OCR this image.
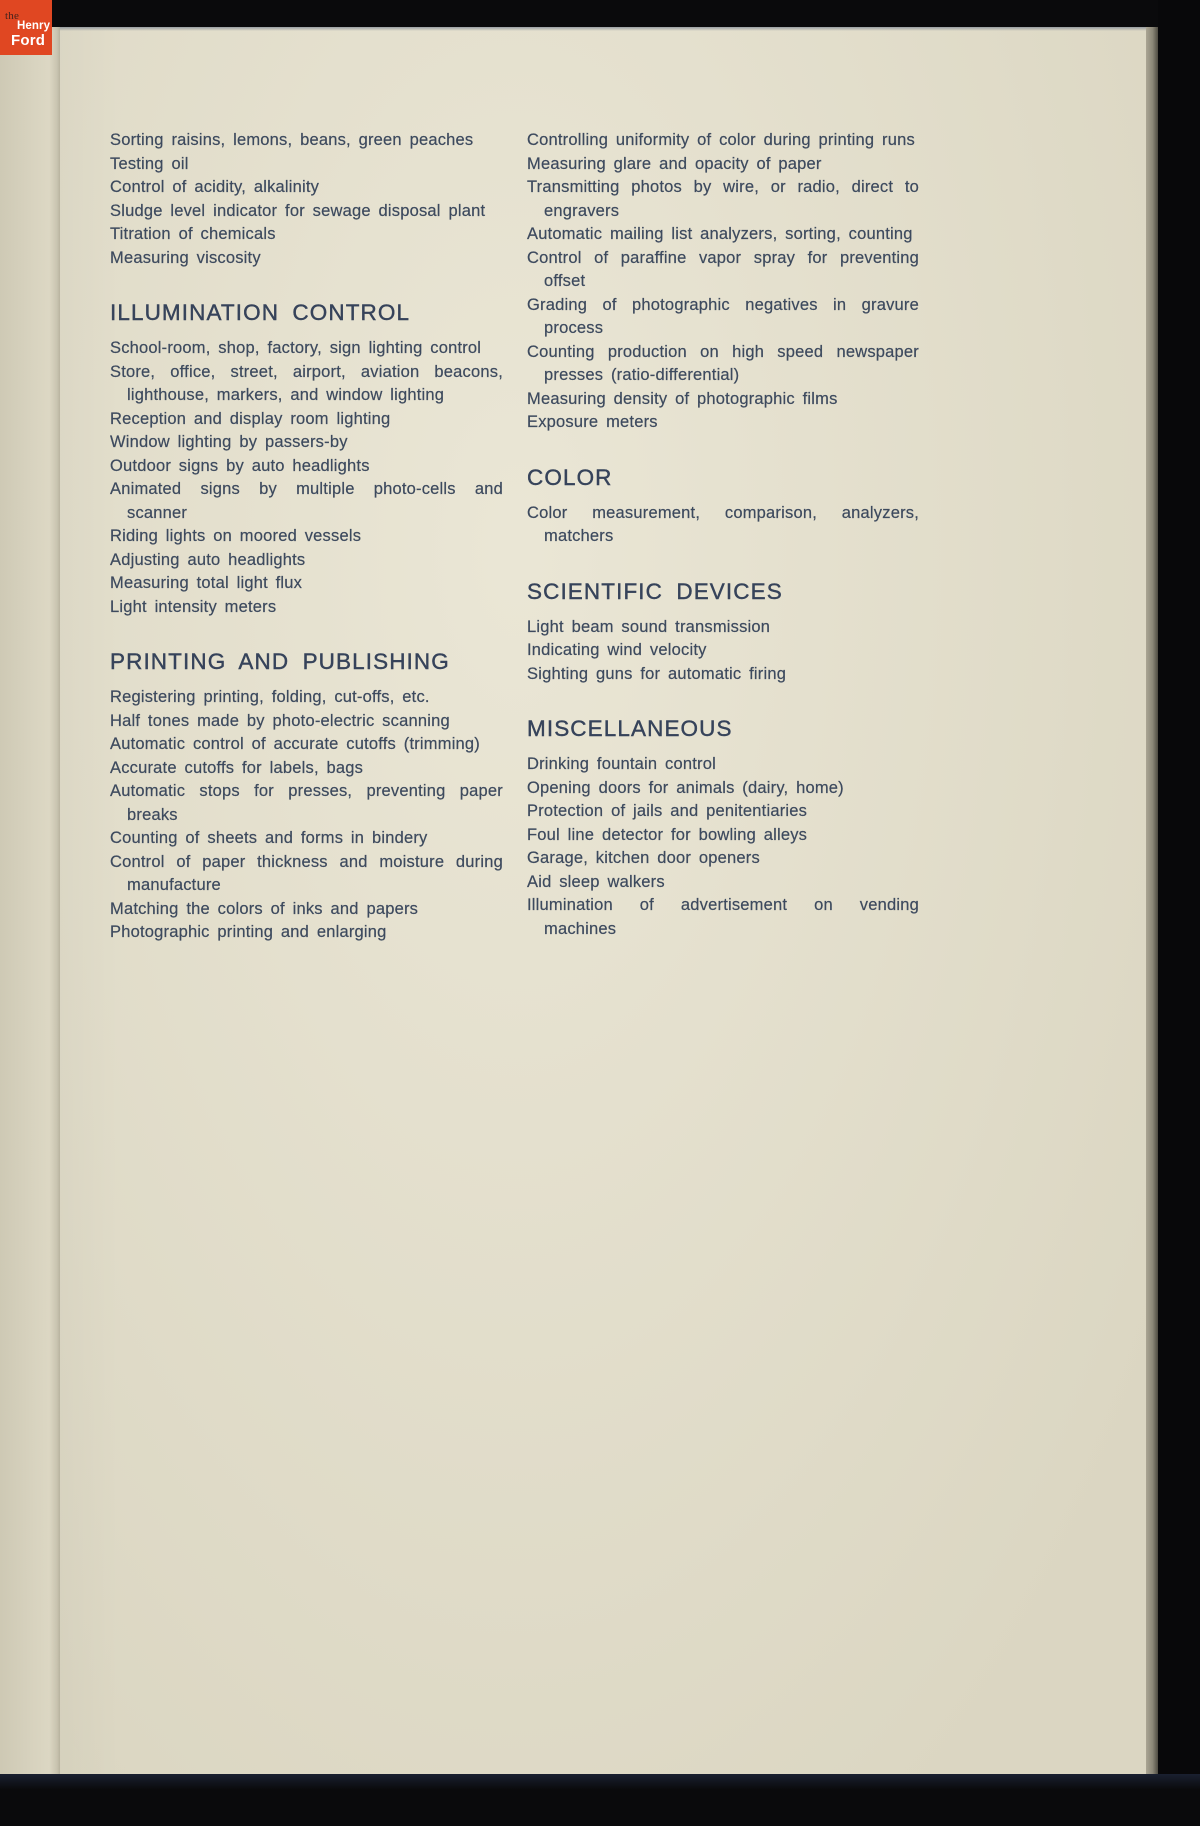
Sorting raisins, lemons, beans, green peaches

Testing oil

Control of acidity, alkalinity

Sludge level indicator for sewage disposal plant

Titration of chemicals

Measuring viscosity

ILLUMINATION CONTROL

School-room, shop, factory, sign lighting control

Store, office, street, airport, aviation beacons, lighthouse, markers, and window lighting

Reception and display room lighting

Window lighting by passers-by

Outdoor signs by auto headlights

Animated signs by multiple photo-cells and scanner

Riding lights on moored vessels

Adjusting auto headlights

Measuring total light flux

Light intensity meters

PRINTING AND PUBLISHING

Registering printing, folding, cut-offs, etc.

Half tones made by photo-electric scanning

Automatic control of accurate cutoffs (trimming)

Accurate cutoffs for labels, bags

Automatic stops for presses, preventing paper breaks

Counting of sheets and forms in bindery

Control of paper thickness and moisture during manufacture

Matching the colors of inks and papers

Photographic printing and enlarging

Controlling uniformity of color during printing runs

Measuring glare and opacity of paper

Transmitting photos by wire, or radio, direct to engravers

Automatic mailing list analyzers, sorting, counting

Control of paraffine vapor spray for preventing offset

Grading of photographic negatives in gravure process

Counting production on high speed newspaper presses (ratio-differential)

Measuring density of photographic films

Exposure meters

COLOR

Color measurement, comparison, analyzers, matchers

SCIENTIFIC DEVICES

Light beam sound transmission

Indicating wind velocity

Sighting guns for automatic firing

MISCELLANEOUS

Drinking fountain control

Opening doors for animals (dairy, home)

Protection of jails and penitentiaries

Foul line detector for bowling alleys

Garage, kitchen door openers

Aid sleep walkers

Illumination of advertisement on vending machines

the
Henry
Ford
